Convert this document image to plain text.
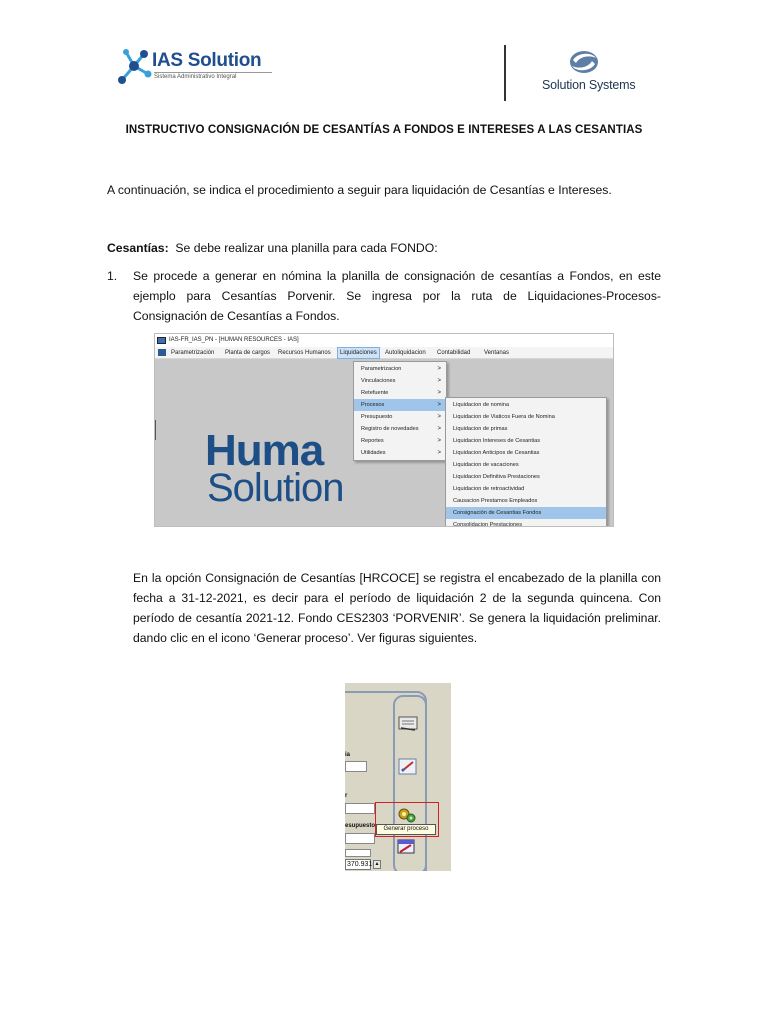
IAS Solution
Sistema Administrativo Integral
Solution Systems
INSTRUCTIVO CONSIGNACIÓN DE CESANTÍAS A FONDOS E INTERESES A LAS CESANTIAS
A continuación, se indica el procedimiento a seguir para liquidación de Cesantías e Intereses.
Cesantías: Se debe realizar una planilla para cada FONDO:
1. Se procede a generar en nómina la planilla de consignación de cesantías a Fondos, en este
ejemplo para Cesantías Porvenir. Se ingresa por la ruta de Liquidaciones-Procesos-
Consignación de Cesantías a Fondos.
IAS-FR_IAS_PN - [HUMAN RESOURCES - IAS]
Parametrización Planta de cargos Recursos Humanos	Liquidaciones	Autoliquidacion Contabilidad Ventanas
Huma
Solution
Parametrizacion	>
Vinculaciones	>
Retefuente	>
Procesos	>
Presupuesto	>
Registro de novedades	>
Reportes	>
Utilidades	>
Liquidacion de nomina
Liquidacion de Viaticos Fuera de Nomina
Liquidacion de primas
Liquidacion Intereses de Cesantias
Liquidacion Anticipos de Cesantias
Liquidacion de vacaciones
Liquidacion Definitiva Prestaciones
Liquidacion de retroactividad
Causacion Prestamos Empleados
Consignación de Cesantias Fondos
Consolidacion Prestaciones
En la opción Consignación de Cesantías [HRCOCE] se registra el encabezado de la planilla con
fecha a 31-12-2021, es decir para el período de liquidación 2 de la segunda quincena. Con
período de cesantía 2021-12. Fondo CES2303 ‘PORVENIR’. Se genera la liquidación preliminar.
dando clic en el icono ‘Generar proceso’. Ver figuras siguientes.
ia
r
esupuesto	Generar proceso
370.931 ▴
